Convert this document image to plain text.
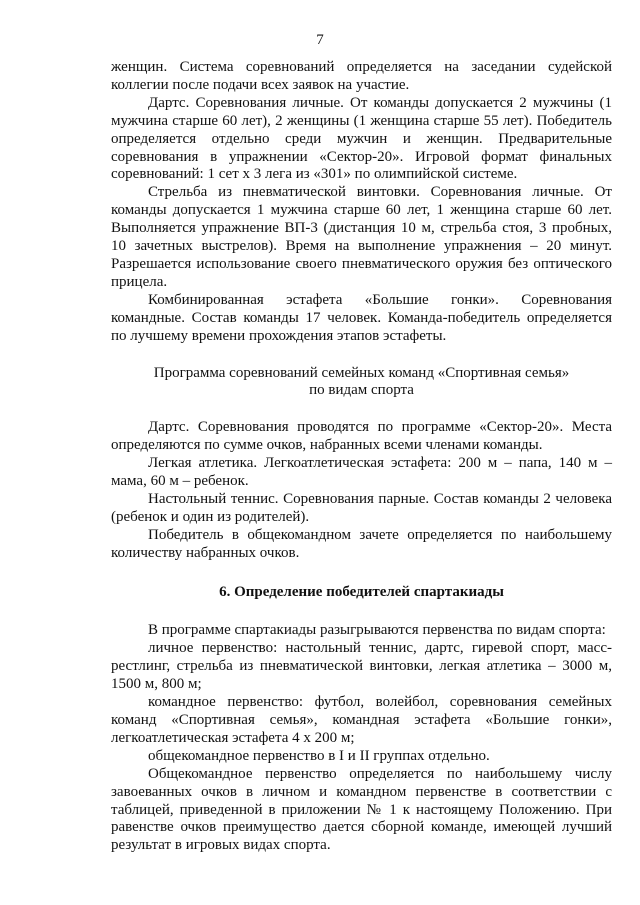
7

женщин. Система соревнований определяется на заседании судейской коллегии после подачи всех заявок на участие.

Дартс. Соревнования личные. От команды допускается 2 мужчины (1 мужчина старше 60 лет), 2 женщины (1 женщина старше 55 лет). Победитель определяется отдельно среди мужчин и женщин. Предварительные соревнования в упражнении «Сектор-20». Игровой формат финальных соревнований: 1 сет х 3 лега из «301» по олимпийской системе.

Стрельба из пневматической винтовки. Соревнования личные. От команды допускается 1 мужчина старше 60 лет, 1 женщина старше 60 лет. Выполняется упражнение ВП-3 (дистанция 10 м, стрельба стоя, 3 пробных, 10 зачетных выстрелов). Время на выполнение упражнения – 20 минут. Разрешается использование своего пневматического оружия без оптического прицела.

Комбинированная эстафета «Большие гонки». Соревнования командные. Состав команды 17 человек. Команда-победитель определяется по лучшему времени прохождения этапов эстафеты.

Программа соревнований семейных команд «Спортивная семья» по видам спорта

Дартс. Соревнования проводятся по программе «Сектор-20». Места определяются по сумме очков, набранных всеми членами команды.

Легкая атлетика. Легкоатлетическая эстафета: 200 м – папа, 140 м – мама, 60 м – ребенок.

Настольный теннис. Соревнования парные. Состав команды 2 человека (ребенок и один из родителей).

Победитель в общекомандном зачете определяется по наибольшему количеству набранных очков.

6. Определение победителей спартакиады

В программе спартакиады разыгрываются первенства по видам спорта:

личное первенство: настольный теннис, дартс, гиревой спорт, масс-рестлинг, стрельба из пневматической винтовки, легкая атлетика – 3000 м, 1500 м, 800 м;

командное первенство: футбол, волейбол, соревнования семейных команд «Спортивная семья», командная эстафета «Большие гонки», легкоатлетическая эстафета 4 х 200 м;

общекомандное первенство в I и II группах отдельно.

Общекомандное первенство определяется по наибольшему числу завоеванных очков в личном и командном первенстве в соответствии с таблицей, приведенной в приложении № 1 к настоящему Положению. При равенстве очков преимущество дается сборной команде, имеющей лучший результат в игровых видах спорта.
